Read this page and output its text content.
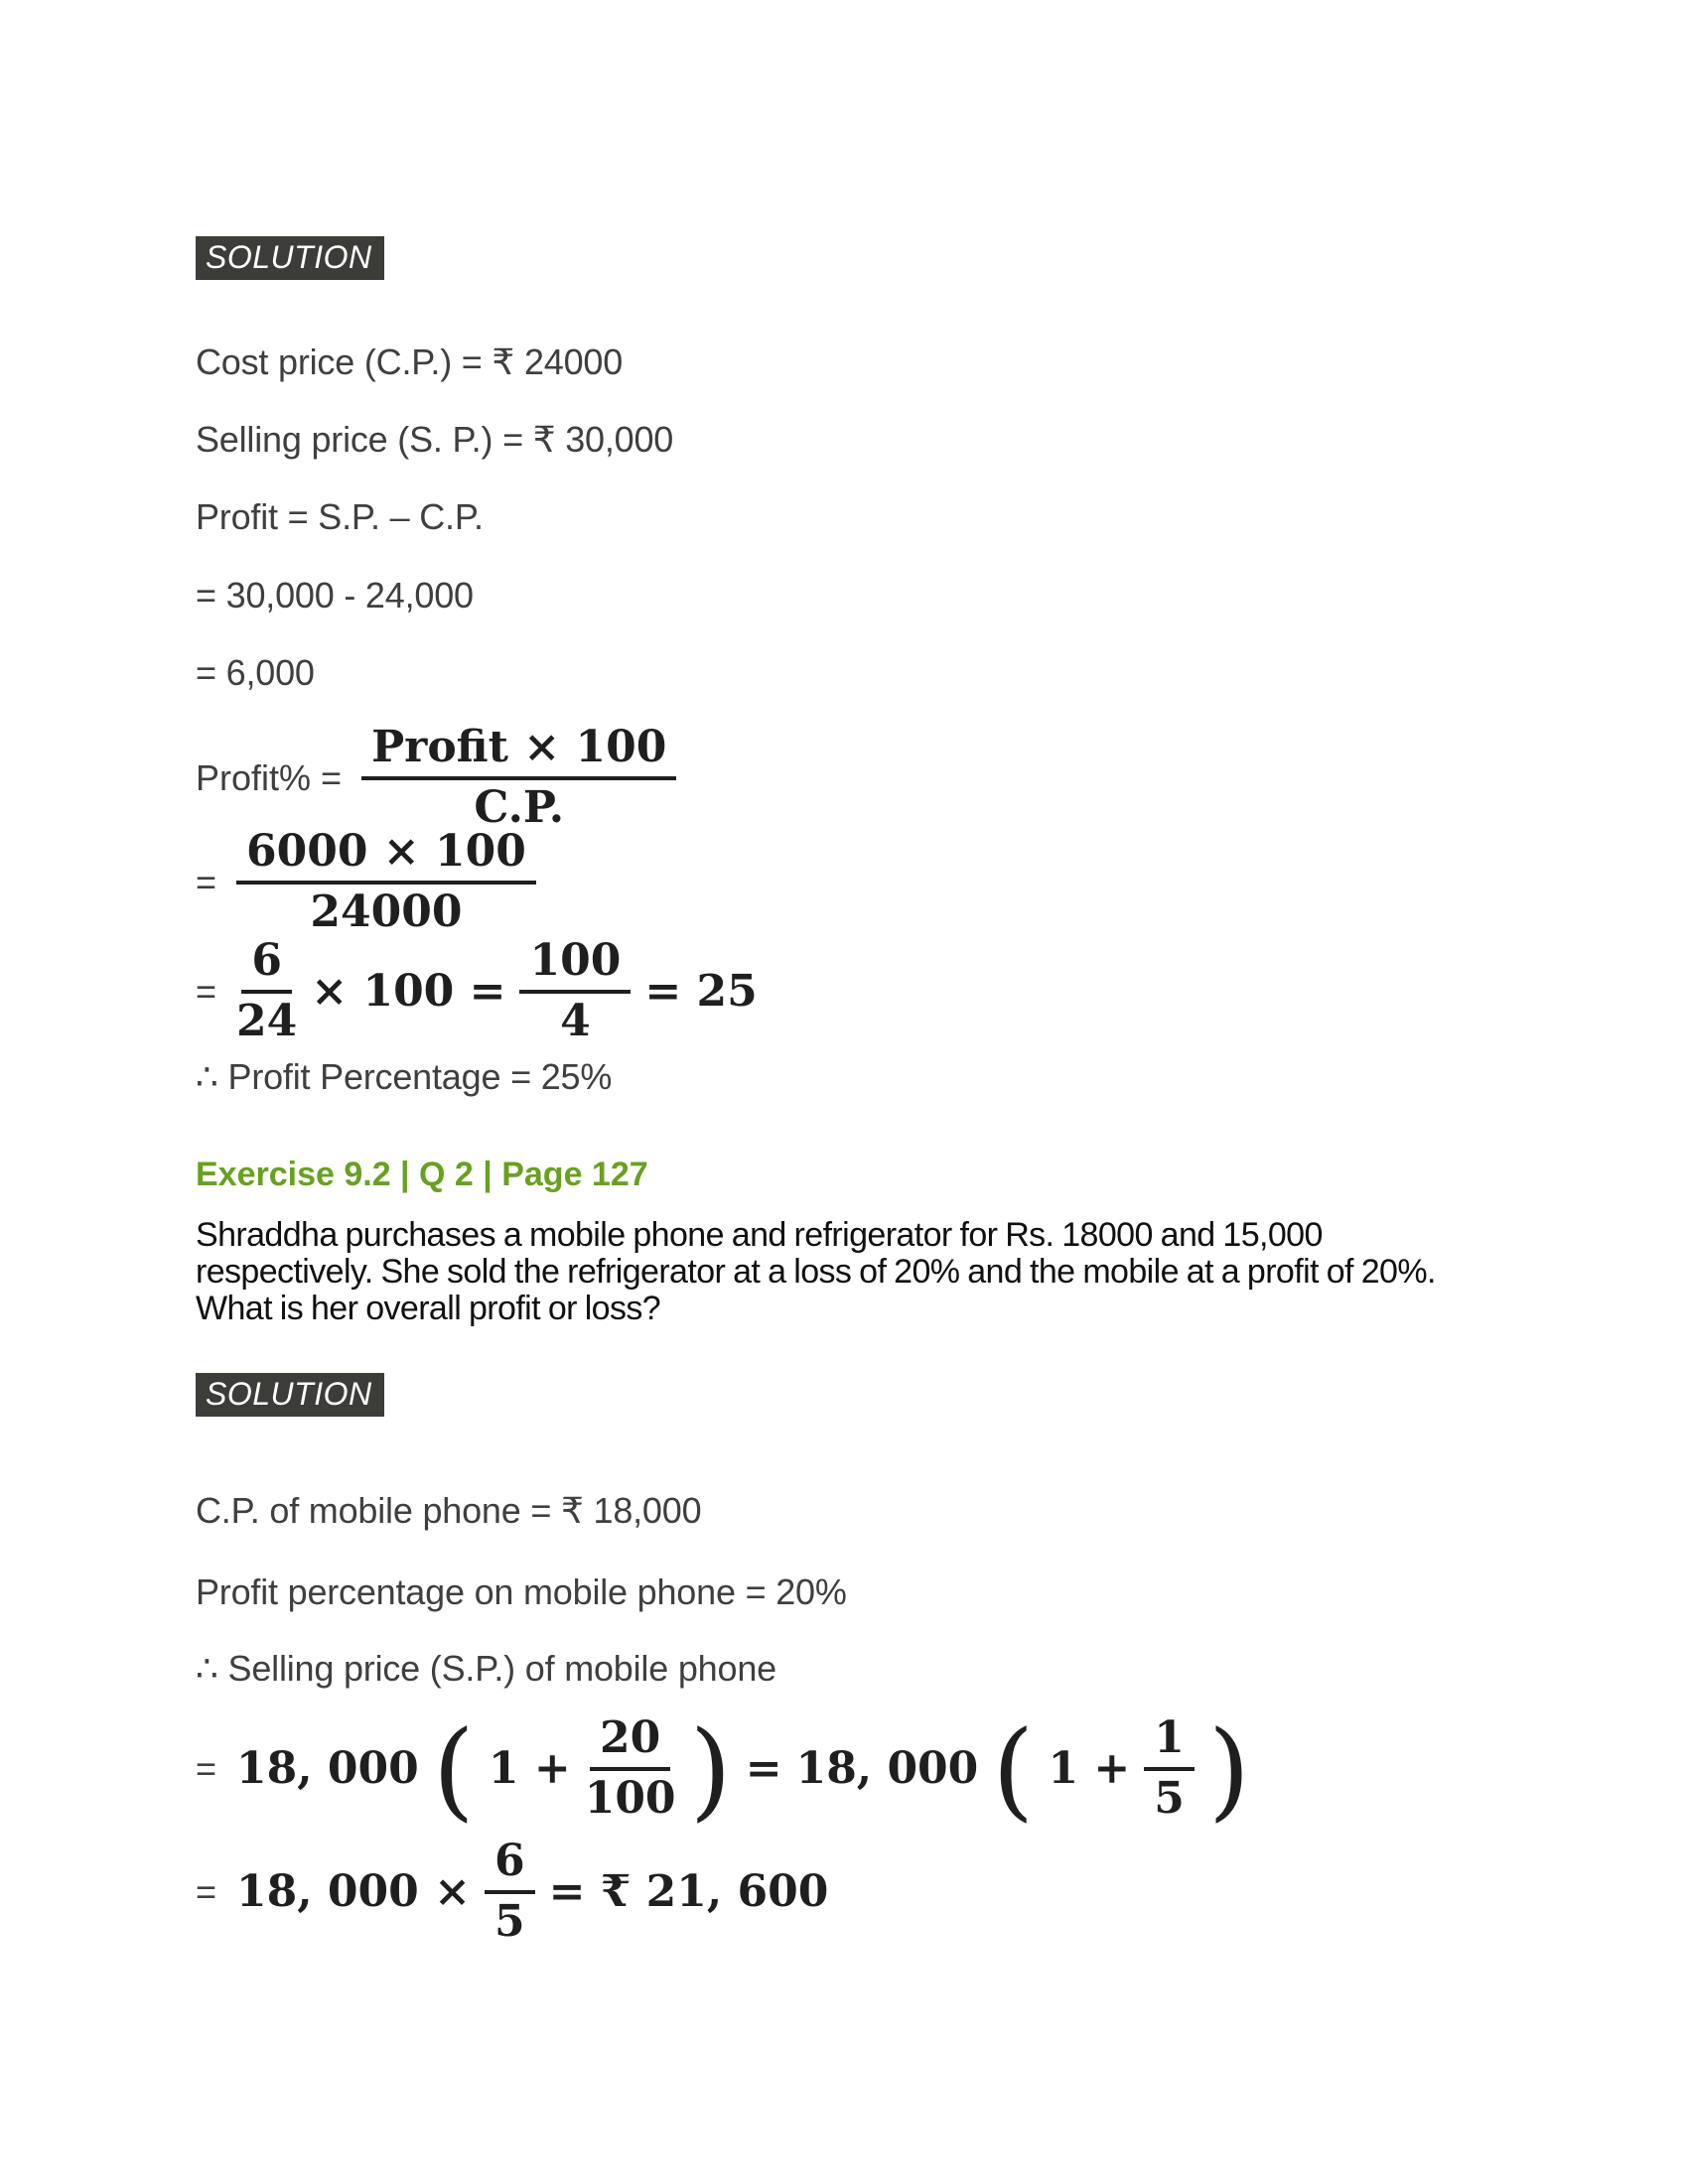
SOLUTION
Cost price (C.P.) = ₹ 24000
Selling price (S. P.) = ₹ 30,000
Profit = S.P. – C.P.
= 30,000 - 24,000
= 6,000
Profit% = $\frac{\text{Profit × 100}}{C.P.}$
= $\frac{6000 \times 100}{24000}$
= $\frac{6}{24} \times 100 = \frac{100}{4} = 25$
∴ Profit Percentage = 25%
Exercise 9.2 | Q 2 | Page 127
Shraddha purchases a mobile phone and refrigerator for Rs. 18000 and 15,000
respectively. She sold the refrigerator at a loss of 20% and the mobile at a profit of 20%.
What is her overall profit or loss?
SOLUTION
C.P. of mobile phone = ₹ 18,000
Profit percentage on mobile phone = 20%
∴ Selling price (S.P.) of mobile phone
= 18, 000 ( $1 + \frac{20}{100}$ ) = 18, 000 ( $1 + \frac{1}{5}$ )
= 18, $000 \times \frac{6}{5}$ = ₹ 21, 600
